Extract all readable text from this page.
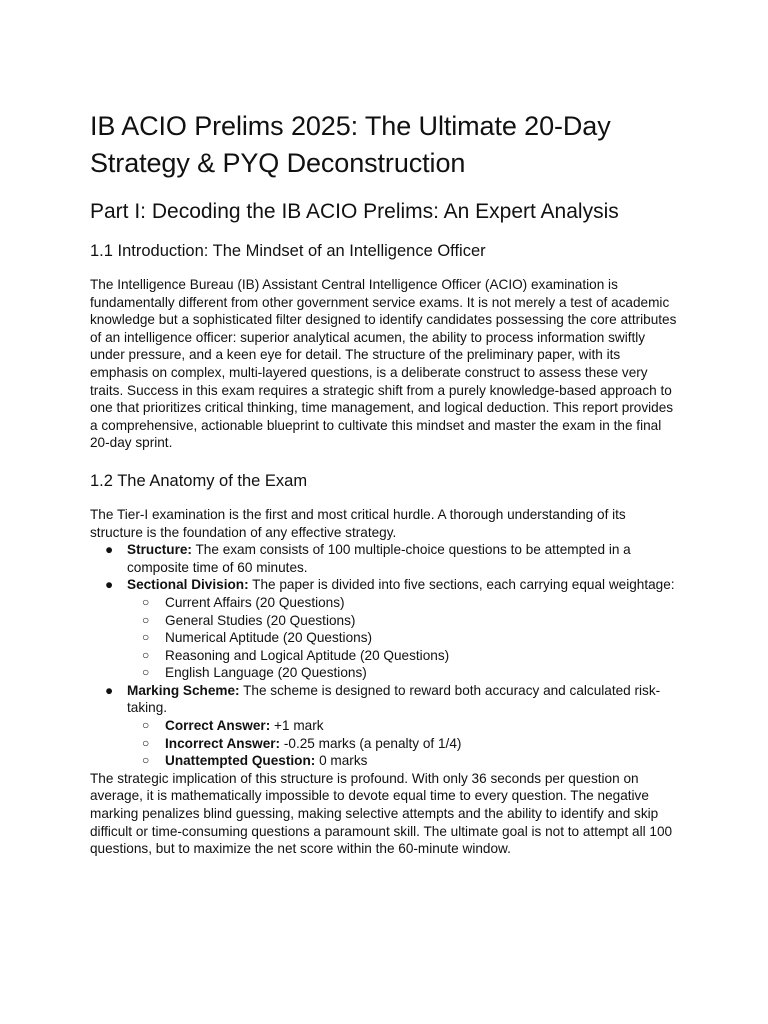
IB ACIO Prelims 2025: The Ultimate 20-Day Strategy & PYQ Deconstruction
Part I: Decoding the IB ACIO Prelims: An Expert Analysis
1.1 Introduction: The Mindset of an Intelligence Officer

The Intelligence Bureau (IB) Assistant Central Intelligence Officer (ACIO) examination is fundamentally different from other government service exams. It is not merely a test of academic knowledge but a sophisticated filter designed to identify candidates possessing the core attributes of an intelligence officer: superior analytical acumen, the ability to process information swiftly under pressure, and a keen eye for detail. The structure of the preliminary paper, with its emphasis on complex, multi-layered questions, is a deliberate construct to assess these very traits. Success in this exam requires a strategic shift from a purely knowledge-based approach to one that prioritizes critical thinking, time management, and logical deduction. This report provides a comprehensive, actionable blueprint to cultivate this mindset and master the exam in the final 20-day sprint.

1.2 The Anatomy of the Exam

The Tier-I examination is the first and most critical hurdle. A thorough understanding of its structure is the foundation of any effective strategy.

● Structure: The exam consists of 100 multiple-choice questions to be attempted in a composite time of 60 minutes.
● Sectional Division: The paper is divided into five sections, each carrying equal weightage:
○ Current Affairs (20 Questions)
○ General Studies (20 Questions)
○ Numerical Aptitude (20 Questions)
○ Reasoning and Logical Aptitude (20 Questions)
○ English Language (20 Questions)
● Marking Scheme: The scheme is designed to reward both accuracy and calculated risk-taking.
○ Correct Answer: +1 mark
○ Incorrect Answer: -0.25 marks (a penalty of 1/4)
○ Unattempted Question: 0 marks

The strategic implication of this structure is profound. With only 36 seconds per question on average, it is mathematically impossible to devote equal time to every question. The negative marking penalizes blind guessing, making selective attempts and the ability to identify and skip difficult or time-consuming questions a paramount skill. The ultimate goal is not to attempt all 100 questions, but to maximize the net score within the 60-minute window.
